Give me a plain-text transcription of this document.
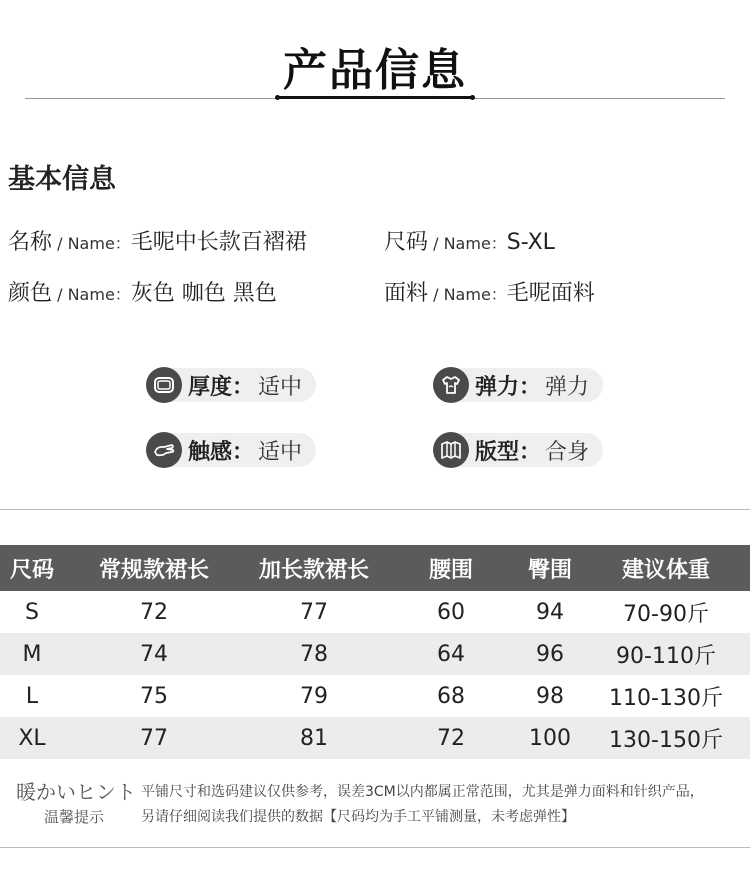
产品信息
基本信息
名称 / Name：毛呢中长款百褶裙	尺码 / Name：S-XL
颜色 / Name：灰色 咖色 黑色	面料 / Name：毛呢面料
厚度： 适中	弹力： 弹力
触感： 适中	版型： 合身
尺码	常规款裙长	加长款裙长	腰围	臀围	建议体重
S	72	77	60	94	70-90斤
M	74	78	64	96	90-110斤
L	75	79	68	98	110-130斤
XL	77	81	72	100	130-150斤
暖かいヒント
温馨提示
平铺尺寸和选码建议仅供参考，误差3CM以内都属正常范围，尤其是弹力面料和针织产品，
另请仔细阅读我们提供的数据【尺码均为手工平铺测量，未考虑弹性】
